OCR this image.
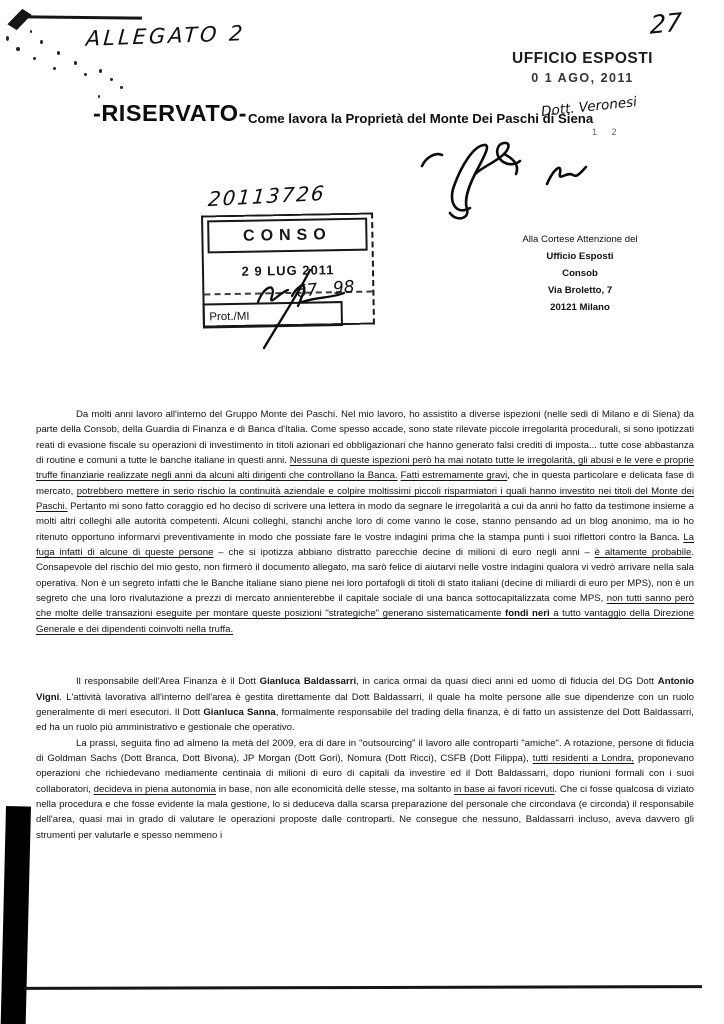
ALLEGATO 2	27
Dott. Veronesi
20113726
UFFICIO ESPOSTI
0 1 AGO, 2011
-RISERVATO- Come lavora la Proprietà del Monte Dei Paschi di Siena
1 2
CONSO
2 9 LUG 2011
Prot./MI
67 98
Alla Cortese Attenzione del
Ufficio Esposti
Consob
Via Broletto, 7
20121 Milano

Da molti anni lavoro all'interno del Gruppo Monte dei Paschi. Nel mio lavoro, ho assistito a diverse ispezioni (nelle sedi di Milano e di Siena) da parte della Consob, della Guardia di Finanza e di Banca d'Italia. Come spesso accade, sono state rilevate piccole irregolarità procedurali, si sono ipotizzati reati di evasione fiscale su operazioni di investimento in titoli azionari ed obbligazionari che hanno generato falsi crediti di imposta... tutte cose abbastanza di routine e comuni a tutte le banche italiane in questi anni. Nessuna di queste ispezioni però ha mai notato tutte le irregolarità, gli abusi e le vere e proprie truffe finanziarie realizzate negli anni da alcuni alti dirigenti che controllano la Banca. Fatti estremamente gravi, che in questa particolare e delicata fase di mercato, potrebbero mettere in serio rischio la continuità aziendale e colpire moltissimi piccoli risparmiatori i quali hanno investito nei titoli del Monte dei Paschi. Pertanto mi sono fatto coraggio ed ho deciso di scrivere una lettera in modo da segnare le irregolarità a cui da anni ho fatto da testimone insieme a molti altri colleghi alle autorità competenti. Alcuni colleghi, stanchi anche loro di come vanno le cose, stanno pensando ad un blog anonimo, ma io ho ritenuto opportuno informarvi preventivamente in modo che possiate fare le vostre indagini prima che la stampa punti i suoi riflettori contro la Banca. La fuga infatti di alcune di queste persone – che si ipotizza abbiano distratto parecchie decine di milioni di euro negli anni – è altamente probabile. Consapevole del rischio del mio gesto, non firmerò il documento allegato, ma sarò felice di aiutarvi nelle vostre indagini qualora vi vedrò arrivare nella sala operativa. Non è un segreto infatti che le Banche italiane siano piene nei loro portafogli di titoli di stato italiani (decine di miliardi di euro per MPS), non è un segreto che una loro rivalutazione a prezzi di mercato annienterebbe il capitale sociale di una banca sottocapitalizzata come MPS, non tutti sanno però che molte delle transazioni eseguite per montare queste posizioni "strategiche" generano sistematicamente fondi neri a tutto vantaggio della Direzione Generale e dei dipendenti coinvolti nella truffa.

Il responsabile dell'Area Finanza è il Dott Gianluca Baldassarri, in carica ormai da quasi dieci anni ed uomo di fiducia del DG Dott Antonio Vigni. L'attività lavorativa all'interno dell'area è gestita direttamente dal Dott Baldassarri, il quale ha molte persone alle sue dipendenze con un ruolo generalmente di meri esecutori. Il Dott Gianluca Sanna, formalmente responsabile del trading della finanza, è di fatto un assistenze del Dott Baldassarri, ed ha un ruolo più amministrativo e gestionale che operativo.

La prassi, seguita fino ad almeno la metà del 2009, era di dare in "outsourcing" il lavoro alle controparti "amiche". A rotazione, persone di fiducia di Goldman Sachs (Dott Branca, Dott Bivona), JP Morgan (Dott Gori), Nomura (Dott Ricci), CSFB (Dott Filippa), tutti residenti a Londra, proponevano operazioni che richiedevano mediamente centinaia di milioni di euro di capitali da investire ed il Dott Baldassarri, dopo riunioni formali con i suoi collaboratori, decideva in piena autonomia in base, non alle economicità delle stesse, ma soltanto in base ai favori ricevuti. Che ci fosse qualcosa di viziato nella procedura e che fosse evidente la mala gestione, lo si deduceva dalla scarsa preparazione del personale che circondava (e circonda) il responsabile dell'area, quasi mai in grado di valutare le operazioni proposte dalle controparti. Ne consegue che nessuno, Baldassarri incluso, aveva davvero gli strumenti per valutarle e spesso nemmeno i
